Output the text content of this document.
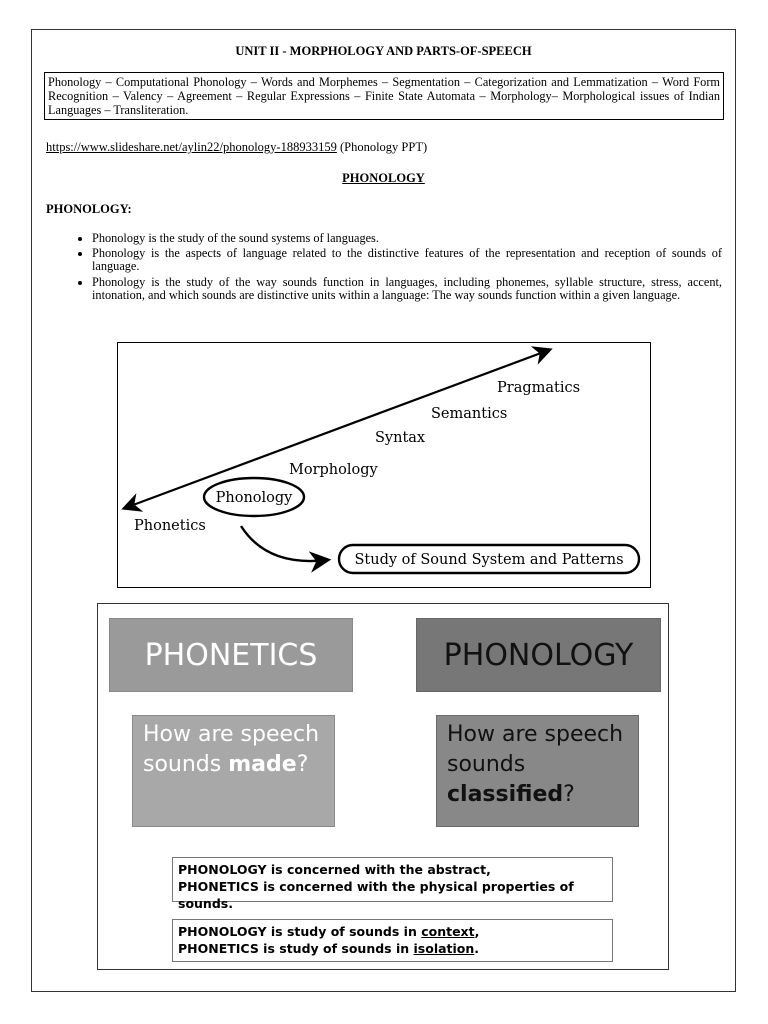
UNIT II - MORPHOLOGY AND PARTS-OF-SPEECH
Phonology – Computational Phonology – Words and Morphemes – Segmentation – Categorization and Lemmatization – Word Form Recognition – Valency – Agreement – Regular Expressions – Finite State Automata – Morphology– Morphological issues of Indian Languages – Transliteration.
https://www.slideshare.net/aylin22/phonology-188933159 (Phonology PPT)
PHONOLOGY
PHONOLOGY:
• Phonology is the study of the sound systems of languages.
• Phonology is the aspects of language related to the distinctive features of the representation and reception of sounds of language.
• Phonology is the study of the way sounds function in languages, including phonemes, syllable structure, stress, accent, intonation, and which sounds are distinctive units within a language: The way sounds function within a given language.
Phonetics
Phonology
Morphology
Syntax
Semantics
Pragmatics
Study of Sound System and Patterns
PHONETICS	PHONOLOGY
How are speech sounds made?
How are speech sounds classified?
PHONOLOGY is concerned with the abstract,
PHONETICS is concerned with the physical properties of sounds.
PHONOLOGY is study of sounds in context,
PHONETICS is study of sounds in isolation.
